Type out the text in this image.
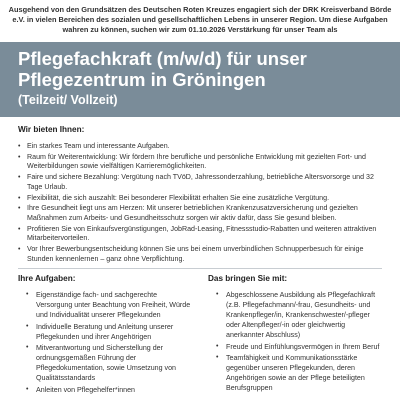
Ausgehend von den Grundsätzen des Deutschen Roten Kreuzes engagiert sich der DRK Kreisverband Börde e.V. in vielen Bereichen des sozialen und gesellschaftlichen Lebens in unserer Region. Um diese Aufgaben wahren zu können, suchen wir zum 01.10.2026 Verstärkung für unser Team als
Pflegefachkraft (m/w/d) für unser
Pflegezentrum in Gröningen
(Teilzeit/ Vollzeit)
Wir bieten Ihnen:
• Ein starkes Team und interessante Aufgaben.
• Raum für Weiterentwicklung: Wir fördern Ihre berufliche und persönliche Entwicklung mit gezielten Fort- und Weiterbildungen sowie vielfältigen Karrieremöglichkeiten.
• Faire und sichere Bezahlung: Vergütung nach TVöD, Jahressonderzahlung, betriebliche Altersvorsorge und 32 Tage Urlaub.
• Flexibilität, die sich auszahlt: Bei besonderer Flexibilität erhalten Sie eine zusätzliche Vergütung.
• Ihre Gesundheit liegt uns am Herzen: Mit unserer betrieblichen Krankenzusatzversicherung und gezielten Maßnahmen zum Arbeits- und Gesundheitsschutz sorgen wir aktiv dafür, dass Sie gesund bleiben.
• Profitieren Sie von Einkaufsvergünstigungen, JobRad-Leasing, Fitnessstudio-Rabatten und weiteren attraktiven Mitarbeitervorteilen.
• Vor Ihrer Bewerbungsentscheidung können Sie uns bei einem unverbindlichen Schnupperbesuch für einige Stunden kennenlernen – ganz ohne Verpflichtung.
Ihre Aufgaben:
• Eigenständige fach- und sachgerechte Versorgung unter Beachtung von Freiheit, Würde und Individualität unserer Pflegekunden
• Individuelle Beratung und Anleitung unserer Pflegekunden und ihrer Angehörigen
• Mitverantwortung und Sicherstellung der ordnungsgemäßen Führung der Pflegedokumentation, sowie Umsetzung von Qualitätsstandards
• Anleiten von Pflegehelfer*innen
Das bringen Sie mit:
• Abgeschlossene Ausbildung als Pflegefachkraft (z.B. Pflegefachmann/-frau, Gesundheits- und Krankenpfleger/in, Krankenschwester/-pfleger oder Altenpfleger/-in oder gleichwertig anerkannter Abschluss)
• Freude und Einfühlungsvermögen in Ihrem Beruf
• Teamfähigkeit und Kommunikationsstärke gegenüber unseren Pflegekunden, deren Angehörigen sowie an der Pflege beteiligten Berufsgruppen
